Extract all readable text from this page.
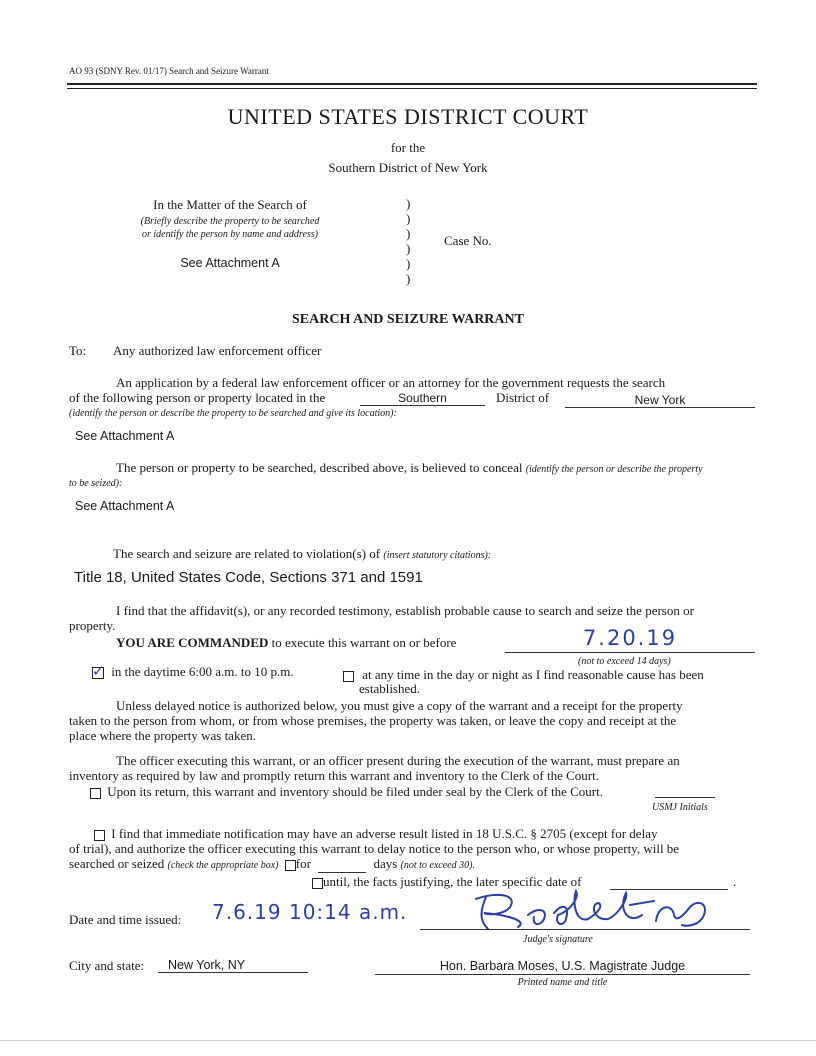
AO 93 (SDNY Rev. 01/17) Search and Seizure Warrant
UNITED STATES DISTRICT COURT
for the
Southern District of New York
In the Matter of the Search of
(Briefly describe the property to be searched
or identify the person by name and address)
See Attachment A
)
)
)
)
)
)
Case No.
SEARCH AND SEIZURE WARRANT
To: Any authorized law enforcement officer
An application by a federal law enforcement officer or an attorney for the government requests the search
of the following person or property located in the	Southern	District of	New York
(identify the person or describe the property to be searched and give its location):
See Attachment A
The person or property to be searched, described above, is believed to conceal (identify the person or describe the property
to be seized):
See Attachment A
The search and seizure are related to violation(s) of (insert statutory citations):
Title 18, United States Code, Sections 371 and 1591
I find that the affidavit(s), or any recorded testimony, establish probable cause to search and seize the person or
property.
YOU ARE COMMANDED to execute this warrant on or before	7.20.19
(not to exceed 14 days)
✓ in the daytime 6:00 a.m. to 10 p.m.	at any time in the day or night as I find reasonable cause has been
established.
Unless delayed notice is authorized below, you must give a copy of the warrant and a receipt for the property
taken to the person from whom, or from whose premises, the property was taken, or leave the copy and receipt at the
place where the property was taken.
The officer executing this warrant, or an officer present during the execution of the warrant, must prepare an
inventory as required by law and promptly return this warrant and inventory to the Clerk of the Court.
Upon its return, this warrant and inventory should be filed under seal by the Clerk of the Court.
USMJ Initials
I find that immediate notification may have an adverse result listed in 18 U.S.C. § 2705 (except for delay
of trial), and authorize the officer executing this warrant to delay notice to the person who, or whose property, will be
searched or seized (check the appropriate box) for	days (not to exceed 30).
until, the facts justifying, the later specific date of	.
Date and time issued: 7.6.19 10:14 a.m.
Judge's signature
City and state: New York, NY	Hon. Barbara Moses, U.S. Magistrate Judge
Printed name and title
